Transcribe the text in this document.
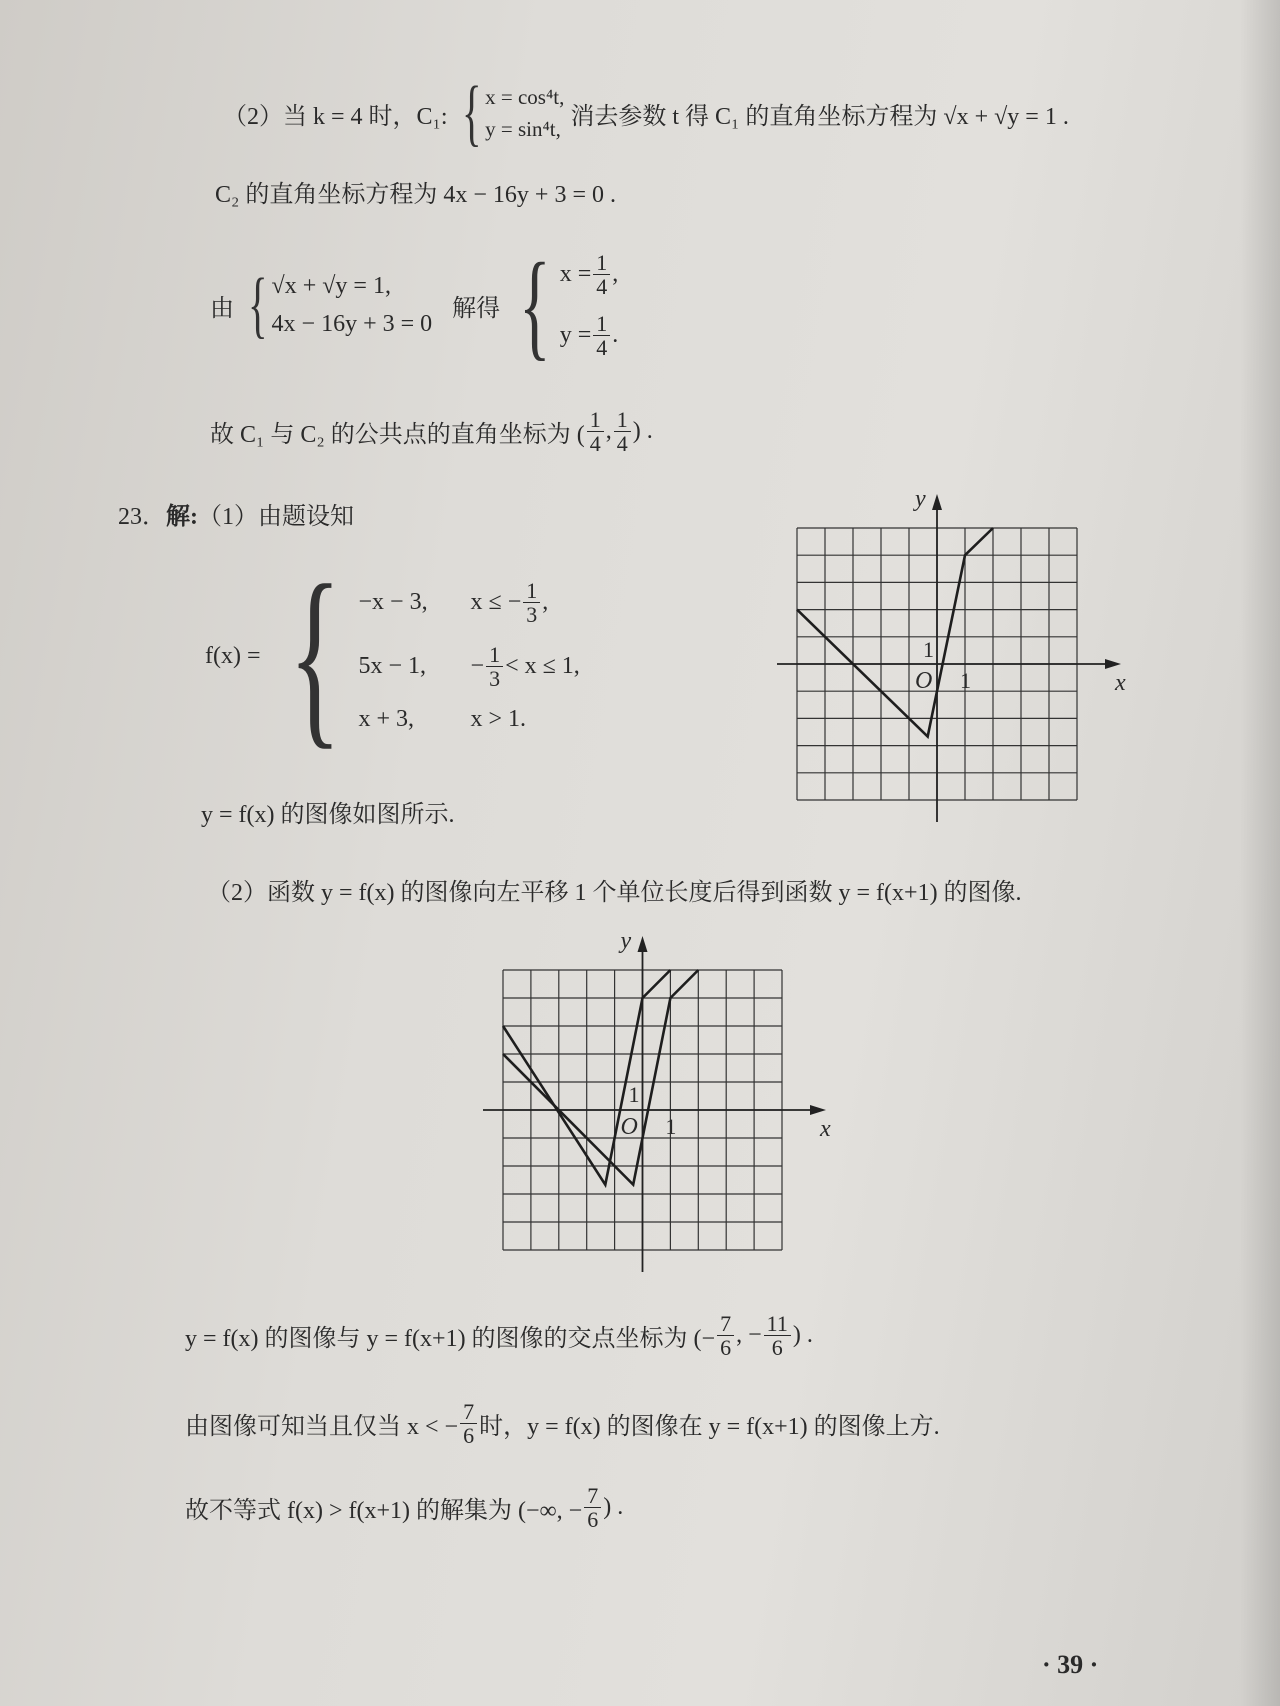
（2）当 k = 4 时，C₁: { x = cos⁴t,
y = sin⁴t, 消去参数 t 得 C₁ 的直角坐标方程为 √x + √y = 1 .
C₂ 的直角坐标方程为 4x − 16y + 3 = 0 .
由 { √x + √y = 1,
4x − 16y + 3 = 0
解得 { $x = \frac{1}{4}$ ,
$y = \frac{1}{4}$ .
故 C₁ 与 C₂ 的公共点的直角坐标为 ( $\frac{1}{4}$ , $\frac{1}{4}$ ) .
23． 解: （1）由题设知
f(x) = { −x − 3,	x ≤ − $\frac{1}{3}$ ,
5x − 1,	− $\frac{1}{3} < x \le 1$,
x + 3,	x > 1.
y = f(x) 的图像如图所示.
x
y
O 1
1
（2）函数 y = f(x) 的图像向左平移 1 个单位长度后得到函数 y = f(x+1) 的图像.
x
y
O 1
1
y = f(x) 的图像与 y = f(x+1) 的图像的交点坐标为 (− $\frac{7}{6}$ , − $\frac{11}{6}$ ) .
由图像可知当且仅当 x < − $\frac{7}{6}$ 时，y = f(x) 的图像在 y = f(x+1) 的图像上方.
故不等式 f(x) > f(x+1) 的解集为 (−∞, − $\frac{7}{6}$ ) .
· 39 ·
